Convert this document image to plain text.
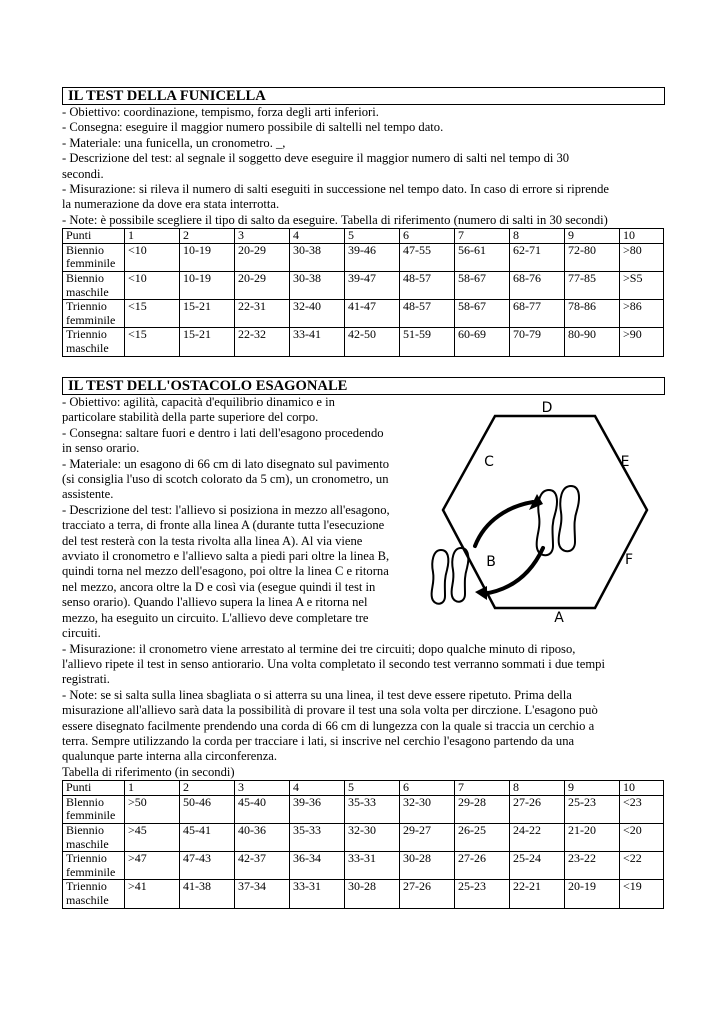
IL TEST DELLA FUNICELLA
- Obiettivo: coordinazione, tempismo, forza degli arti inferiori.
- Consegna: eseguire il maggior numero possibile di saltelli nel tempo dato.
- Materiale: una funicella, un cronometro. _,
- Descrizione del test: al segnale il soggetto deve eseguire il maggior numero di salti nel tempo di 30
secondi.
- Misurazione: si rileva il numero di salti eseguiti in successione nel tempo dato. In caso di errore si riprende
la numerazione da dove era stata interrotta.
- Note: è possibile scegliere il tipo di salto da eseguire. Tabella di riferimento (numero di salti in 30 secondi)
Punti	1	2	3	4	5	6	7	8	9	10
Biennio femminile	<10	10-19	20-29	30-38	39-46	47-55	56-61	62-71	72-80	>80
Biennio maschile	<10	10-19	20-29	30-38	39-47	48-57	58-67	68-76	77-85	>S5
Triennio femminile	<15	15-21	22-31	32-40	41-47	48-57	58-67	68-77	78-86	>86
Triennio maschile	<15	15-21	22-32	33-41	42-50	51-59	60-69	70-79	80-90	>90
IL TEST DELL'OSTACOLO ESAGONALE
- Obiettivo: agilità, capacità d'equilibrio dinamico e in
particolare stabilità della parte superiore del corpo.
- Consegna: saltare fuori e dentro i lati dell'esagono procedendo
in senso orario.
- Materiale: un esagono di 66 cm di lato disegnato sul pavimento
(si consiglia l'uso di scotch colorato da 5 cm), un cronometro, un
assistente.
- Descrizione del test: l'allievo si posiziona in mezzo all'esagono,
tracciato a terra, di fronte alla linea A (durante tutta l'esecuzione
del test resterà con la testa rivolta alla linea A). Al via viene
avviato il cronometro e l'allievo salta a piedi pari oltre la linea B,
quindi torna nel mezzo dell'esagono, poi oltre la linea C e ritorna
nel mezzo, ancora oltre la D e così via (esegue quindi il test in
senso orario). Quando l'allievo supera la linea A e ritorna nel
mezzo, ha eseguito un circuito. L'allievo deve completare tre
circuiti.
- Misurazione: il cronometro viene arrestato al termine dei tre circuiti; dopo qualche minuto di riposo,
l'allievo ripete il test in senso antiorario. Una volta completato il secondo test verranno sommati i due tempi
registrati.
- Note: se si salta sulla linea sbagliata o si atterra su una linea, il test deve essere ripetuto. Prima della
misurazione all'allievo sarà data la possibilità di provare il test una sola volta per dirczione. L'esagono può
essere disegnato facilmente prendendo una corda di 66 cm di lungezza con la quale si traccia un cerchio a
terra. Sempre utilizzando la corda per tracciare i lati, si inscrive nel cerchio l'esagono partendo da una
qualunque parte interna alla circonferenza.
Tabella di riferimento (in secondi)
Punti	1	2	3	4	5	6	7	8	9	10
Blennio femminile	>50	50-46	45-40	39-36	35-33	32-30	29-28	27-26	25-23	<23
Biennio maschile	>45	45-41	40-36	35-33	32-30	29-27	26-25	24-22	21-20	<20
Triennio femminile	>47	47-43	42-37	36-34	33-31	30-28	27-26	25-24	23-22	<22
Triennio maschile	>41	41-38	37-34	33-31	30-28	27-26	25-23	22-21	20-19	<19
D
C	E
B	F
A
